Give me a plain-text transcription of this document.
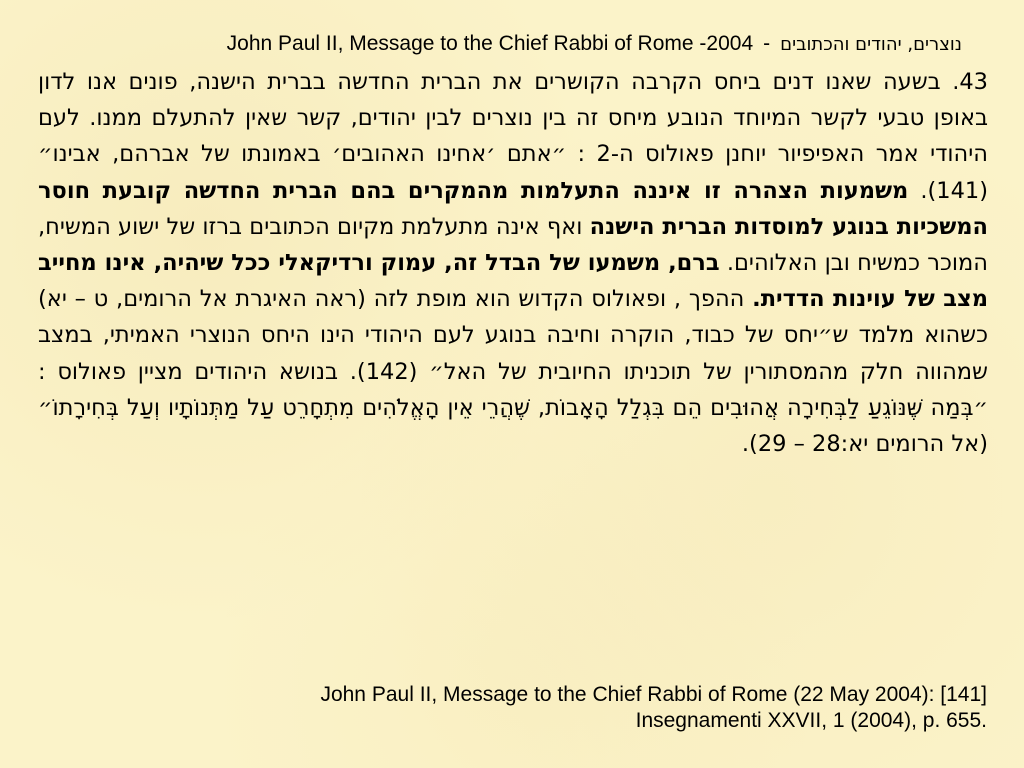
נוצרים, יהודים והכתובים-John Paul II, Message to the Chief Rabbi of Rome -2004
43. בשעה שאנו דנים ביחס הקרבה הקושרים את הברית החדשה בברית הישנה, פונים אנו לדון באופן טבעי לקשר המיוחד הנובע מיחס זה בין נוצרים לבין יהודים, קשר שאין להתעלם ממנו. לעם היהודי אמר האפיפיור יוחנן פאולוס ה-2 : ״אתם ׳אחינו האהובים׳ באמונתו של אברהם, אבינו״ (141). משמעות הצהרה זו איננה התעלמות מהמקרים בהם הברית החדשה קובעת חוסר המשכיות בנוגע למוסדות הברית הישנה ואף אינה מתעלמת מקיום הכתובים ברזו של ישוע המשיח, המוכר כמשיח ובן האלוהים. ברם, משמעו של הבדל זה, עמוק ורדיקאלי ככל שיהיה, אינו מחייב מצב של עוינות הדדית. ההפך , ופאולוס הקדוש הוא מופת לזה (ראה האיגרת אל הרומים, ט – יא) כשהוא מלמד ש״יחס של כבוד, הוקרה וחיבה בנוגע לעם היהודי הינו היחס הנוצרי האמיתי, במצב שמהווה חלק מהמסתורין של תוכניתו החיובית של האל״ (142). בנושא היהודים מציין פאולוס : ״בְּמַה שֶּׁנּוֹגֵעַ לַבְּחִירָה אֲהוּבִים הֵם בִּגְלַל הָאָבוֹת, שֶׁהֲרֵי אֵין הָאֱלֹהִים מִתְחָרֵט עַל מַתְּנוֹתָיו וְעַל בְּחִירָתוֹ״ (אל הרומים יא:28 – 29).
John Paul II, Message to the Chief Rabbi of Rome (22 May 2004): [141]
Insegnamenti XXVII, 1 (2004), p. 655.
